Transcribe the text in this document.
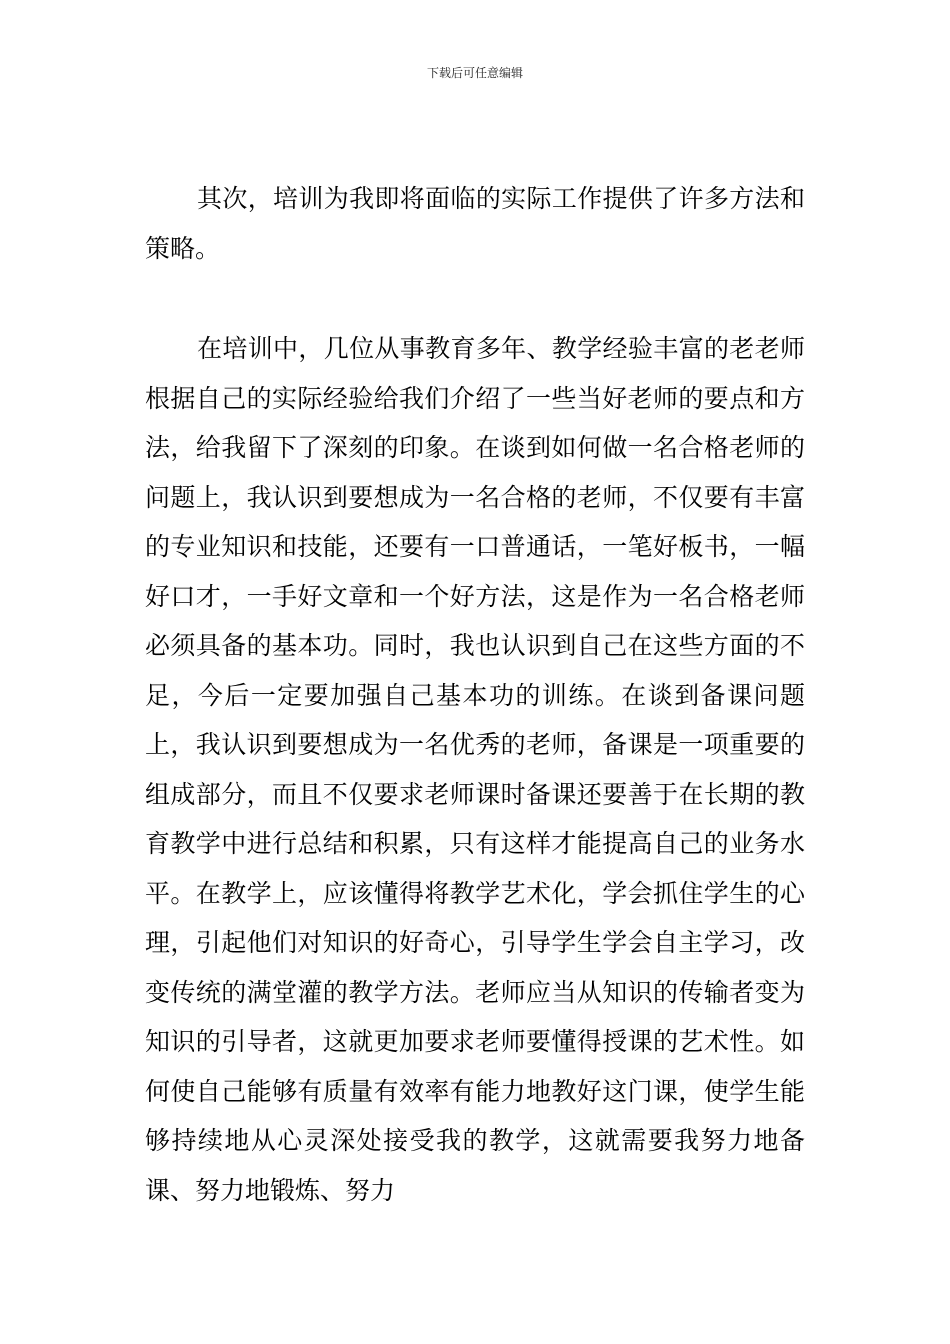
下载后可任意编辑

其次，培训为我即将面临的实际工作提供了许多方法和策略。

在培训中，几位从事教育多年、教学经验丰富的老老师根据自己的实际经验给我们介绍了一些当好老师的要点和方法，给我留下了深刻的印象。在谈到如何做一名合格老师的问题上，我认识到要想成为一名合格的老师，不仅要有丰富的专业知识和技能，还要有一口普通话，一笔好板书，一幅好口才，一手好文章和一个好方法，这是作为一名合格老师必须具备的基本功。同时，我也认识到自己在这些方面的不足，今后一定要加强自己基本功的训练。在谈到备课问题上，我认识到要想成为一名优秀的老师，备课是一项重要的组成部分，而且不仅要求老师课时备课还要善于在长期的教育教学中进行总结和积累，只有这样才能提高自己的业务水平。在教学上，应该懂得将教学艺术化，学会抓住学生的心理，引起他们对知识的好奇心，引导学生学会自主学习，改变传统的满堂灌的教学方法。老师应当从知识的传输者变为知识的引导者，这就更加要求老师要懂得授课的艺术性。如何使自己能够有质量有效率有能力地教好这门课，使学生能够持续地从心灵深处接受我的教学，这就需要我努力地备课、努力地锻炼、努力
